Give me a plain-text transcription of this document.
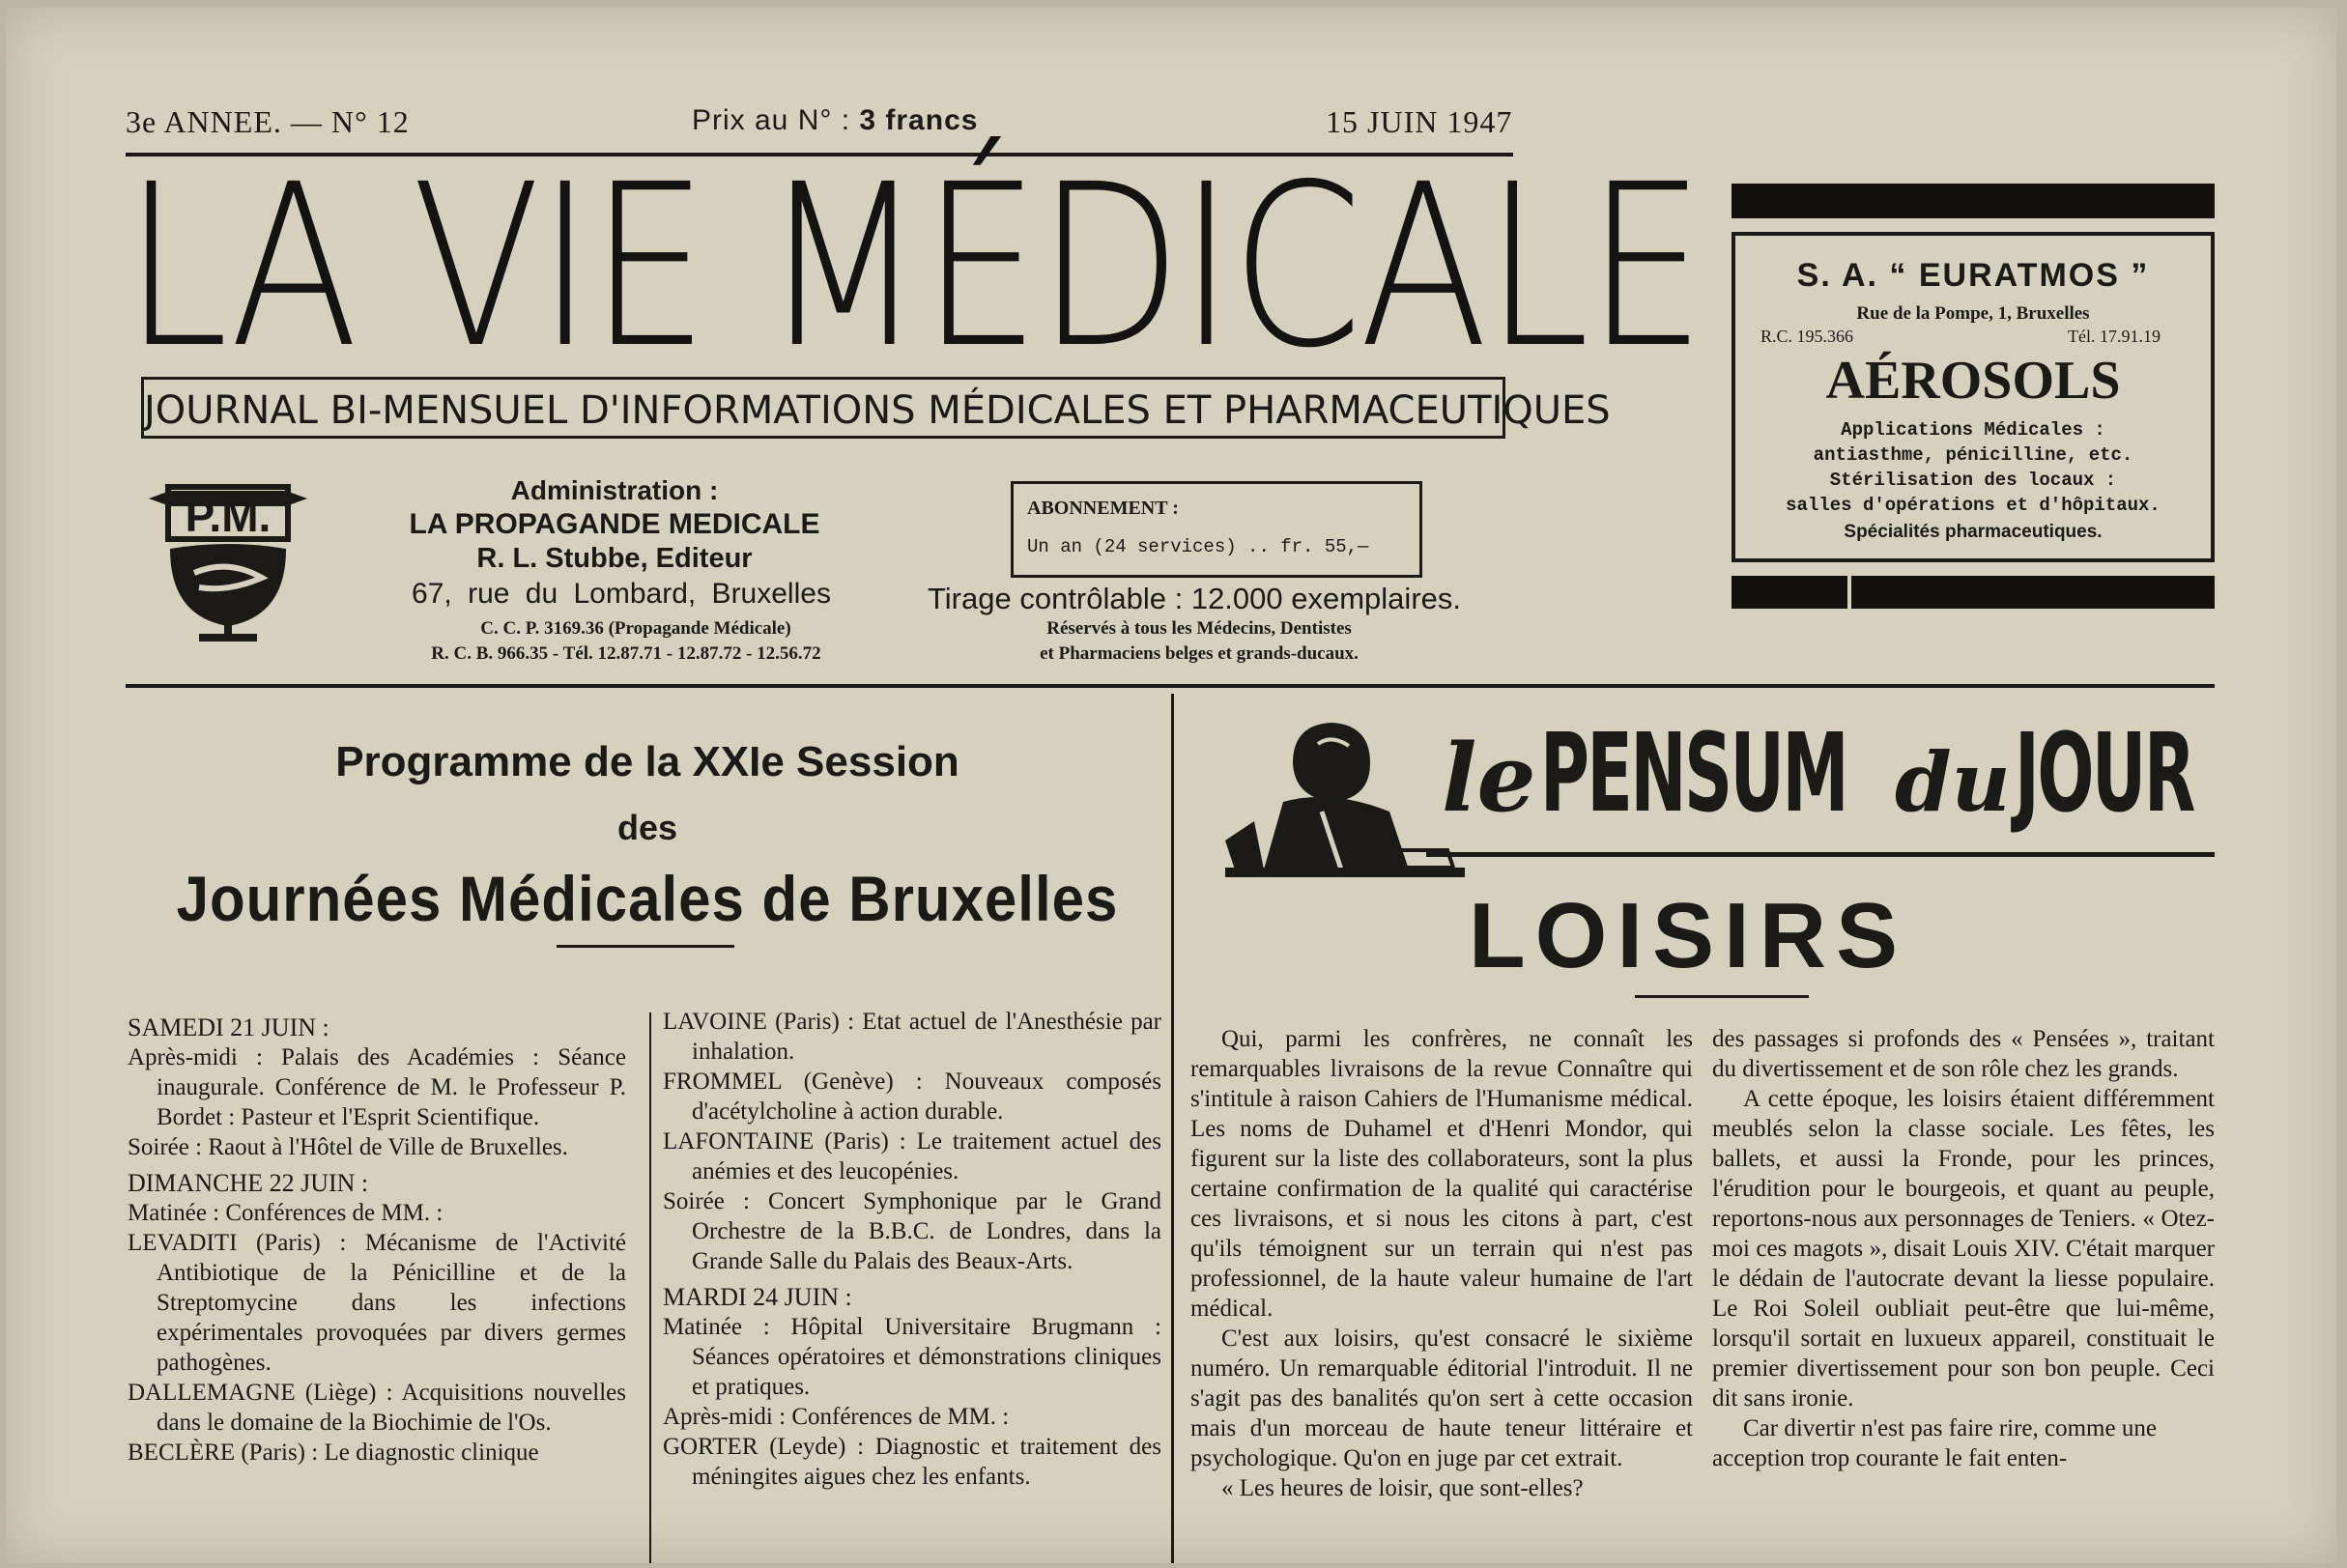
3e ANNEE. — N° 12	Prix au N° : 3 francs	15 JUIN 1947
LA VIE MÉDICALE
JOURNAL BI-MENSUEL D'INFORMATIONS MÉDICALES ET PHARMACEUTIQUES
P.M.
Administration :
LA PROPAGANDE MEDICALE
R. L. Stubbe, Editeur
67, rue du Lombard, Bruxelles
C. C. P. 3169.36 (Propagande Médicale)
R. C. B. 966.35 - Tél. 12.87.71 - 12.87.72 - 12.56.72
ABONNEMENT :
Un an (24 services) .. fr. 55,—
Tirage contrôlable : 12.000 exemplaires.
Réservés à tous les Médecins, Dentistes
et Pharmaciens belges et grands-ducaux.
S. A. “ EURATMOS ”
Rue de la Pompe, 1, Bruxelles
R.C. 195.366	Tél. 17.91.19
AÉROSOLS
Applications Médicales :
antiasthme, pénicilline, etc.
Stérilisation des locaux :
salles d'opérations et d'hôpitaux.
Spécialités pharmaceutiques.
Programme de la XXIe Session
des
Journées Médicales de Bruxelles

SAMEDI 21 JUIN :

Après-midi : Palais des Académies : Séance inaugurale. Conférence de M. le Professeur P. Bordet : Pasteur et l'Esprit Scientifique.

Soirée : Raout à l'Hôtel de Ville de Bruxelles.

DIMANCHE 22 JUIN :

Matinée : Conférences de MM. :

LEVADITI (Paris) : Mécanisme de l'Activité Antibiotique de la Pénicilline et de la Streptomycine dans les infections expérimentales provoquées par divers germes pathogènes.

DALLEMAGNE (Liège) : Acquisitions nouvelles dans le domaine de la Biochimie de l'Os.

BECLÈRE (Paris) : Le diagnostic clinique

LAVOINE (Paris) : Etat actuel de l'Anesthésie par inhalation.

FROMMEL (Genève) : Nouveaux composés d'acétylcholine à action durable.

LAFONTAINE (Paris) : Le traitement actuel des anémies et des leucopénies.

Soirée : Concert Symphonique par le Grand Orchestre de la B.B.C. de Londres, dans la Grande Salle du Palais des Beaux-Arts.

MARDI 24 JUIN :

Matinée : Hôpital Universitaire Brugmann : Séances opératoires et démonstrations cliniques et pratiques.

Après-midi : Conférences de MM. :

GORTER (Leyde) : Diagnostic et traitement des méningites aigues chez les enfants.

le PENSUM du JOUR
LOISIRS

Qui, parmi les confrères, ne connaît les remarquables livraisons de la revue Connaître qui s'intitule à raison Cahiers de l'Humanisme médical. Les noms de Duhamel et d'Henri Mondor, qui figurent sur la liste des collaborateurs, sont la plus certaine confirmation de la qualité qui caractérise ces livraisons, et si nous les citons à part, c'est qu'ils témoignent sur un terrain qui n'est pas professionnel, de la haute valeur humaine de l'art médical.

C'est aux loisirs, qu'est consacré le sixième numéro. Un remarquable éditorial l'introduit. Il ne s'agit pas des banalités qu'on sert à cette occasion mais d'un morceau de haute teneur littéraire et psychologique. Qu'on en juge par cet extrait.

« Les heures de loisir, que sont-elles?

des passages si profonds des « Pensées », traitant du divertissement et de son rôle chez les grands.

A cette époque, les loisirs étaient différemment meublés selon la classe sociale. Les fêtes, les ballets, et aussi la Fronde, pour les princes, l'érudition pour le bourgeois, et quant au peuple, reportons-nous aux personnages de Teniers. « Otez-moi ces magots », disait Louis XIV. C'était marquer le dédain de l'autocrate devant la liesse populaire. Le Roi Soleil oubliait peut-être que lui-même, lorsqu'il sortait en luxueux appareil, constituait le premier divertissement pour son bon peuple. Ceci dit sans ironie.

Car divertir n'est pas faire rire, comme une acception trop courante le fait enten-
